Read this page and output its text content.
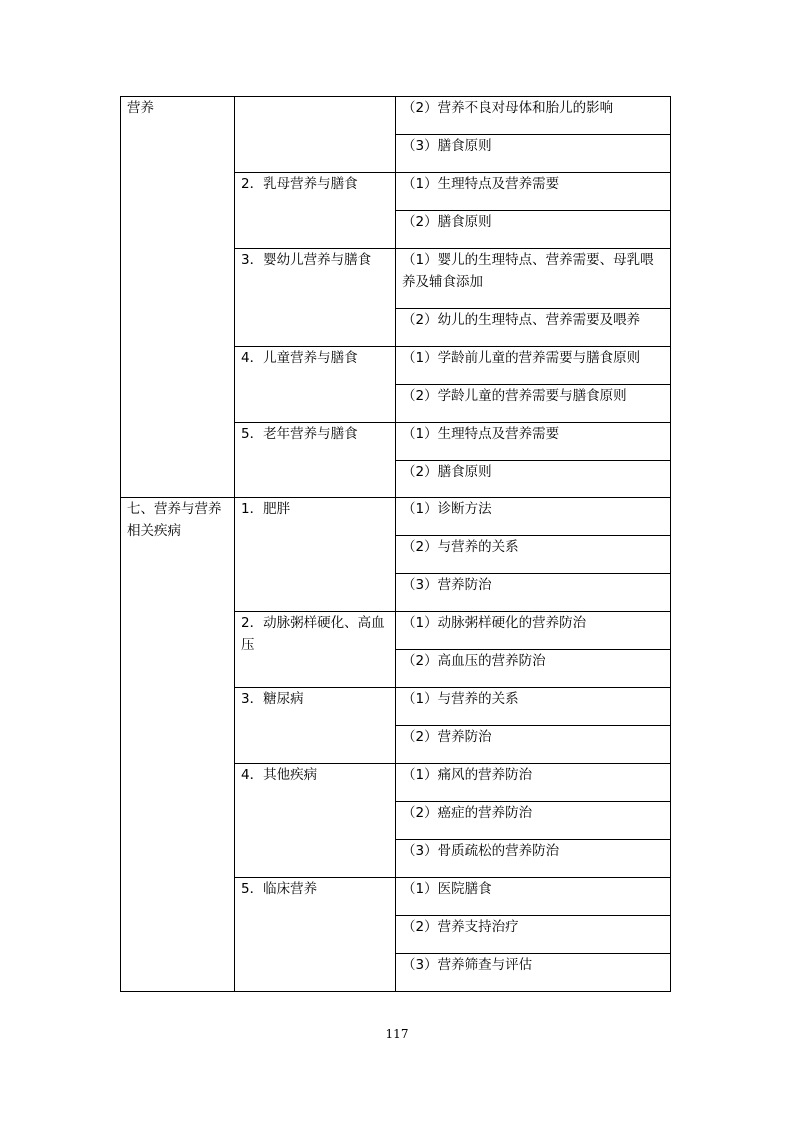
营养		（2）营养不良对母体和胎儿的影响
		（3）膳食原则
	2．乳母营养与膳食	（1）生理特点及营养需要
		（2）膳食原则
	3．婴幼儿营养与膳食	（1）婴儿的生理特点、营养需要、母乳喂养及辅食添加
		（2）幼儿的生理特点、营养需要及喂养
	4．儿童营养与膳食	（1）学龄前儿童的营养需要与膳食原则
		（2）学龄儿童的营养需要与膳食原则
	5．老年营养与膳食	（1）生理特点及营养需要
		（2）膳食原则
七、营养与营养相关疾病	1．肥胖	（1）诊断方法
		（2）与营养的关系
		（3）营养防治
	2．动脉粥样硬化、高血压	（1）动脉粥样硬化的营养防治
		（2）高血压的营养防治
	3．糖尿病	（1）与营养的关系
		（2）营养防治
	4．其他疾病	（1）痛风的营养防治
		（2）癌症的营养防治
		（3）骨质疏松的营养防治
	5．临床营养	（1）医院膳食
		（2）营养支持治疗
		（3）营养筛查与评估
117
